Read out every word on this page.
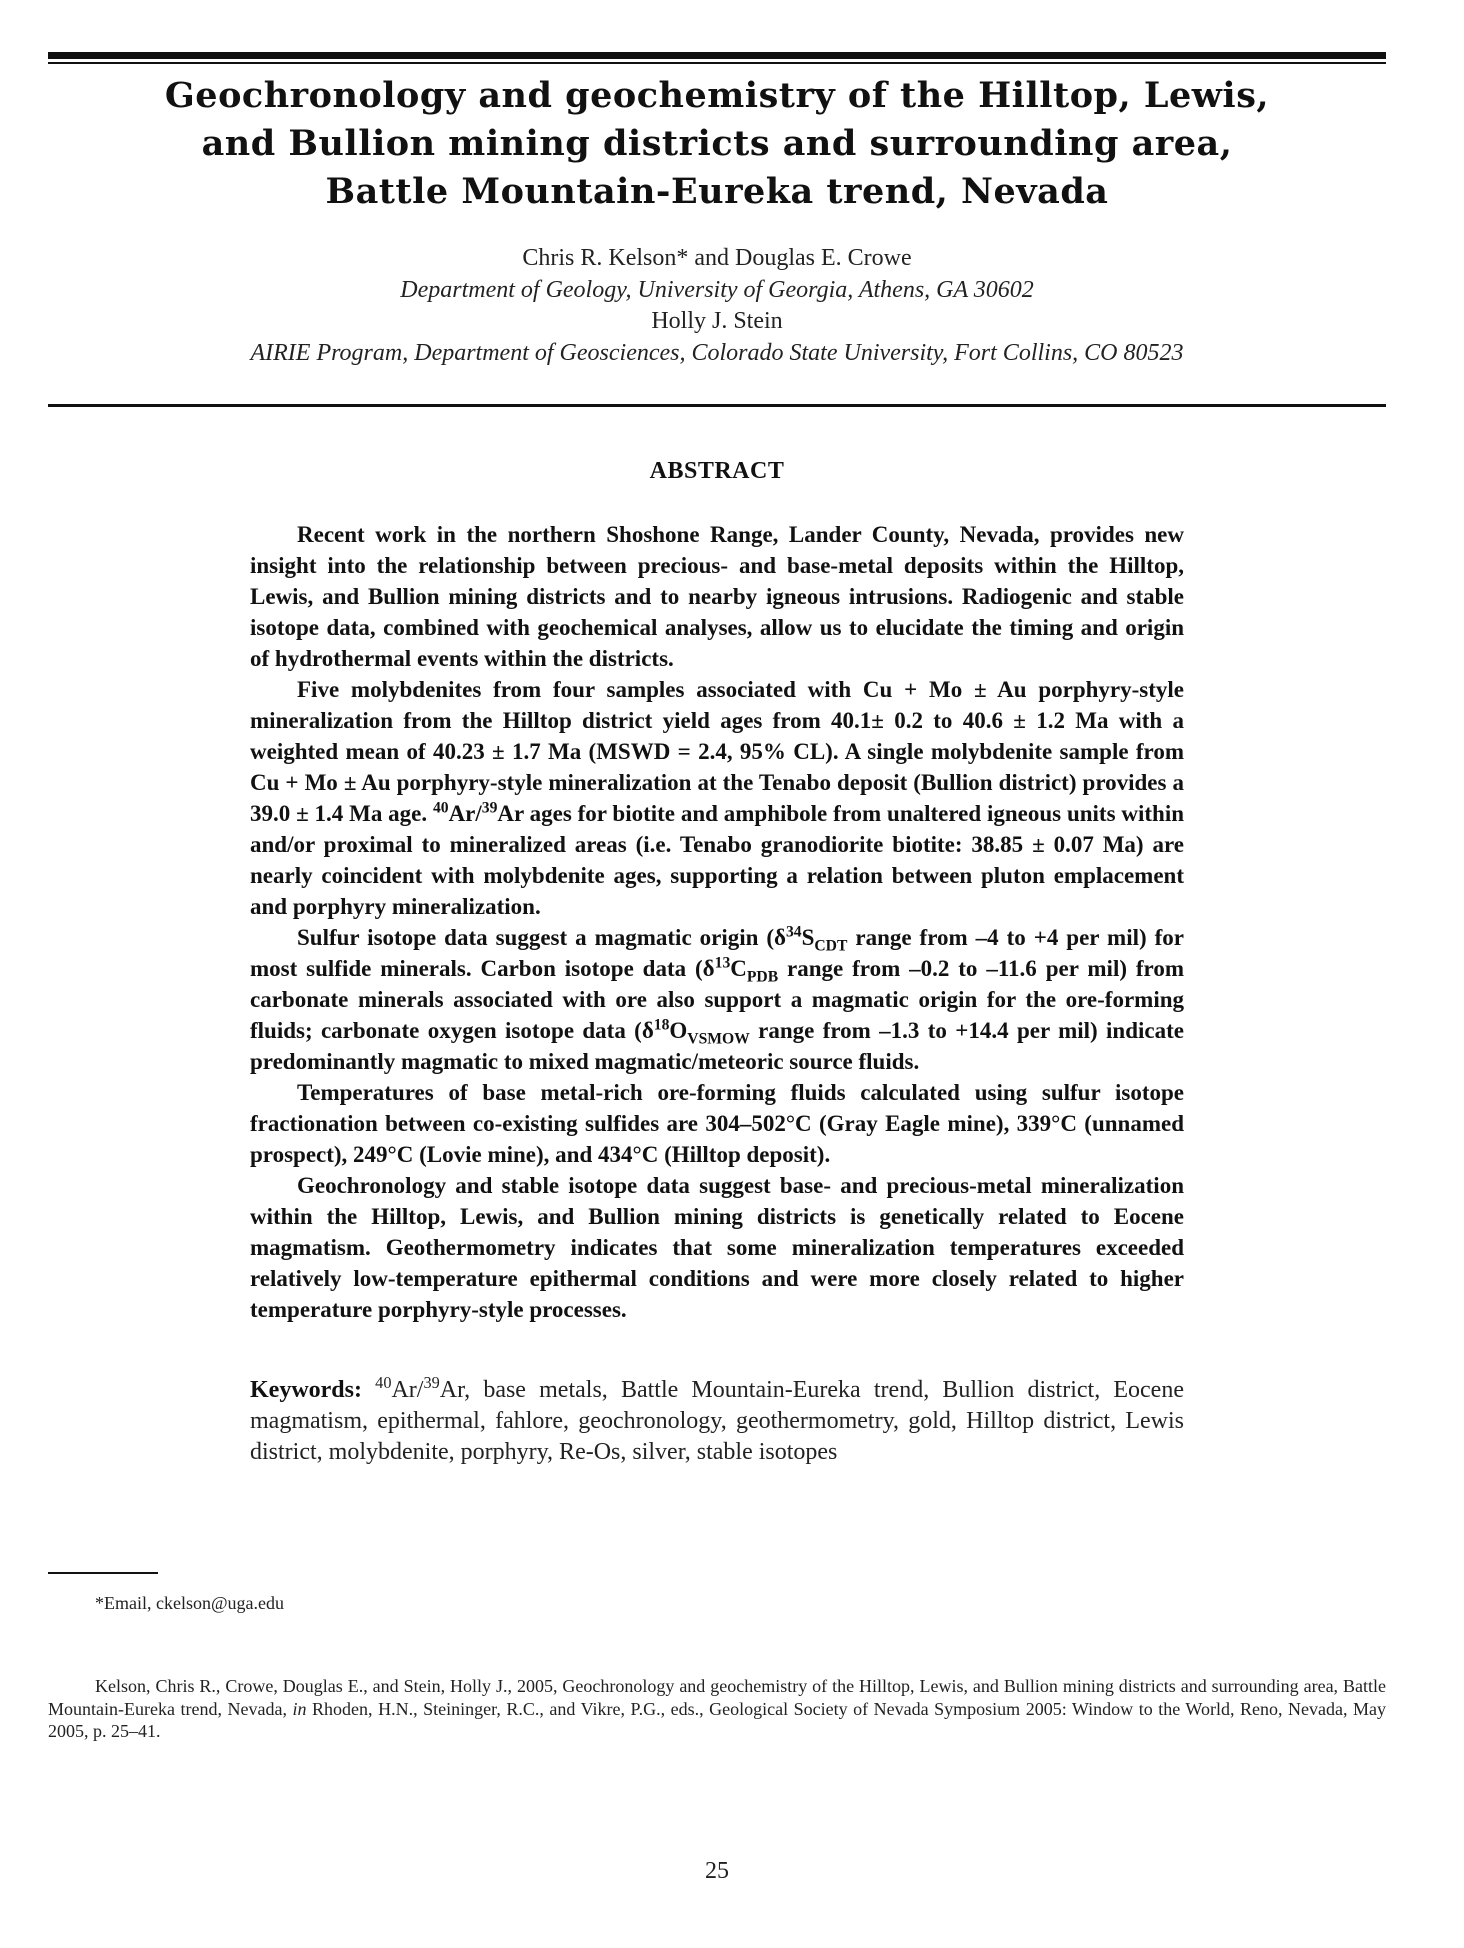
Geochronology and geochemistry of the Hilltop, Lewis,
and Bullion mining districts and surrounding area,
Battle Mountain-Eureka trend, Nevada
Chris R. Kelson* and Douglas E. Crowe
Department of Geology, University of Georgia, Athens, GA 30602
Holly J. Stein
AIRIE Program, Department of Geosciences, Colorado State University, Fort Collins, CO 80523
ABSTRACT

Recent work in the northern Shoshone Range, Lander County, Nevada, provides new insight into the relationship between precious- and base-metal deposits within the Hilltop, Lewis, and Bullion mining districts and to nearby igneous intrusions. Radiogenic and stable isotope data, combined with geochemical analyses, allow us to elucidate the timing and origin of hydrothermal events within the districts.

Five molybdenites from four samples associated with Cu + Mo ± Au porphyry-style mineralization from the Hilltop district yield ages from 40.1± 0.2 to 40.6 ± 1.2 Ma with a weighted mean of 40.23 ± 1.7 Ma (MSWD = 2.4, 95% CL). A single molybdenite sample from Cu + Mo ± Au porphyry-style mineralization at the Tenabo deposit (Bullion district) provides a 39.0 ± 1.4 Ma age. $^{40}$Ar/$^{39}$Ar ages for biotite and amphibole from unaltered igneous units within and/or proximal to mineralized areas (i.e. Tenabo granodiorite biotite: 38.85 ± 0.07 Ma) are nearly coincident with molybdenite ages, supporting a relation between pluton emplacement and porphyry mineralization.

Sulfur isotope data suggest a magmatic origin ($\delta^{34}S_{CDT}$ range from –4 to +4 per mil) for most sulfide minerals. Carbon isotope data ($\delta^{13}C_{PDB}$ range from –0.2 to –11.6 per mil) from carbonate minerals associated with ore also support a magmatic origin for the ore-forming fluids; carbonate oxygen isotope data ($\delta^{18}O_{VSMOW}$ range from –1.3 to +14.4 per mil) indicate predominantly magmatic to mixed magmatic/meteoric source fluids.

Temperatures of base metal-rich ore-forming fluids calculated using sulfur isotope fractionation between co-existing sulfides are 304–502°C (Gray Eagle mine), 339°C (unnamed prospect), 249°C (Lovie mine), and 434°C (Hilltop deposit).

Geochronology and stable isotope data suggest base- and precious-metal mineralization within the Hilltop, Lewis, and Bullion mining districts is genetically related to Eocene magmatism. Geothermometry indicates that some mineralization temperatures exceeded relatively low-temperature epithermal conditions and were more closely related to higher temperature porphyry-style processes.

Keywords: $^{40}$Ar/$^{39}$Ar, base metals, Battle Mountain-Eureka trend, Bullion district, Eocene magmatism, epithermal, fahlore, geochronology, geothermometry, gold, Hilltop district, Lewis district, molybdenite, porphyry, Re-Os, silver, stable isotopes

*Email, ckelson@uga.edu

Kelson, Chris R., Crowe, Douglas E., and Stein, Holly J., 2005, Geochronology and geochemistry of the Hilltop, Lewis, and Bullion mining districts and surrounding area, Battle Mountain-Eureka trend, Nevada, in Rhoden, H.N., Steininger, R.C., and Vikre, P.G., eds., Geological Society of Nevada Symposium 2005: Window to the World, Reno, Nevada, May 2005, p. 25–41.

25
